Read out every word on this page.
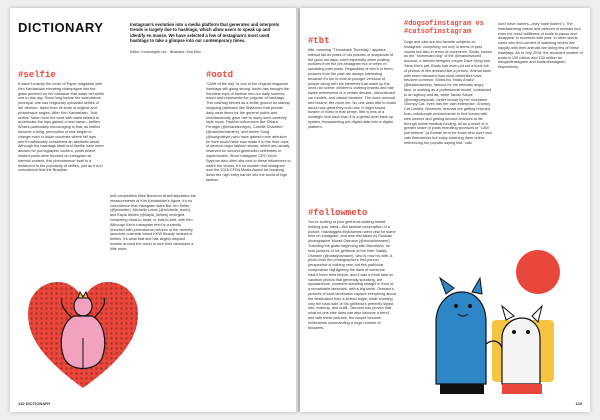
DICTIONARY	Instagram's evolution into a media platform that generates and interprets trends is largely due to hashtags, which allow users to speak up and identify en masse. We have selected a few of Instagram's most used hashtags to take a glimpse into our contemporary times.
Editor: Konsuegrai Lee · Illustrator: Ana Mon
#selfie
It wasn't exactly the cover of Paper magazine with Kim Kardashian elevating champagne into the glass perched on her backside that made her selfie one to this day. Since long before the scandalous portrayal, she has religiously uploaded selfies of her derriere, taken from all sorts of original and picturesque angles. After Kim Kardashian, "butt selfies" taken from the back with waist twisted to accentuate the hips gained a new name—belfies. What's particularly encouraging is that, as belfies become a thing, perception of size began to change even in Asian countries where fall hips aren't traditionally considered an aesthetic asset. Although the hashtags #butt and #belfie have been abused for pornographic content, posts where related posts were blocked on Instagram as harmful content, this phenomenon itself is a testament to the popularity of selfies, just as it is in coincidence that the Brazilian
butt competition Miss Bumbum Brasil stipulates the measurements of Kim Kardashian's figure, it's no coincidence that Instagram stars like Jen Selter (@jenselter), Michelle Lewin (@michelle_lewin), and Kayla Itsines (@kayla_itsines) emerged, competing head-to-head, or butt-to-butt, with Kim. Although Kim's Instagram feed is currently mounted with promotional pictures of her recently launched cosmetic brand KKW Beauty instead of belfies, it's clear that she has largely inspired women around the world to love their backsides a little more.
#ootd
"Outfit of the day" is one of the original magazine hashtags still going strong. #ootd has brought the trendiest topic of fashion into our daily routines, which well represents the purpose of hashtags. This hashtag served as a fertile ground for startup shopping platforms like Stylishme that provide daily wear items for the general public and simultaneously gave rise to many semi-celebrity style icons. Fashion influencers like Chiara Ferragni (@chiaraferragni), Camille Charrière (@camillecharriere), and Aimee Song (@songofstyle) who have gained more attention for their #ootd have now made it to the front rows of several major fashion shows, which are usually reserved for second-generation celebrities or supermodels. Since Instagram CEO Kevin Systrom also often sits next to these influencers to watch the shows, it's no wonder that Instagram won the 2016 CFDA Media Award for breaking down the high entry barrier into the world of high fashion.
132 DICTIONARY
#tbt
#tbt, meaning "Throwback Thursday," appears without fail on posts of old pictures or snapshots of the good old days, used especially when posting pictures from the pre-Instagram era or when re-uploading past posts. Regardless of who's in them, pictures from the past are always interesting because it's fun to look at younger versions of people along with the elements that make up the once-ran scene: children's clothing brands and hair styles reminiscent of a certain decade, discontinued car models, and classic furniture. The more unusual and bizarre, the more fun. No one uses #tbt to boast about how great they look now. It might sound bizarre or ironic in that sense, #tbt is less of a nostalgic look back than it is a global-level back up system, transplanting pre-digital data onto a digital platform.
#dogsofinstagram vs #catsofinstagram
Dogs and cats are two favorite subjects on Instagram, competing not only in terms of post counts but also in terms of commerce. Boots, known as the "homeward dog" of the @manorisworld account, a fashion designer couple Dave Kung and Yana Kim's pet. Boats has even put out a book full of photos of him dressed like a person. Animal stars with more followers than most celebrities have become common. Shiba Inu Yasky Anako (@hashicamida), famous for his eternally angry face, is working as a professional model, contracted to an agency and ad, while Tardar Sauce (@realgrumpycat), better known by her nickname Grumpy Cat, even has her own enterprise, Grumpy Cat Limited. Moreover, animals are getting rescued from unfortunate environments to find homes with new owners and getting second chances at life through online medical funding, all as a result of a greater share of posts recruiting sponsors or "LAW (we believe" (a Korean term for those who don't own cats themselves but enjoy watching them online, referencing the popular saying that "cats
don't have owners—they have butlers"). The heartwarming videos and pictures of animals turn even the most indifferent of souls to pause and disappear in moments with pets. In other words, users who find comfort in watching others live happily with their animals are doing few of these hashtags. As of July 2018, the recorded number of posts is 150 million and 133 million for #dogsofinstagram and #catsofinstagram respectively.
#followmeto
You're looking at your girlfriend walking ahead holding your hand—this familiar composition of a picture, hashtagged #followmeto went viral for some time on Instagram, and was first taken by Russian photographer Murad Osmann (@muradosmann). Traveling the globe beginning with Barcelona, he took pictures of his girlfriend at the time, Nataly Osmann (@natalyosmann), who is now his wife. A photo from the photographer's first-person perspective is nothing new, but this particular composition highlighting the back of someone hadn't been tried before, and it was a fresh take on vacation photos that generally speaking, are spontaneous, someone standing straight in front of a remarkable landmark, with a big smile. Osmann's pictures of local landmarks capture everything about the destination from a limited angle, while showing only the back side of his girlfriend's perfectly styled hair, makeup, and outfit. Osmann has proven that what no one else does can also become a trend, and with these pictures, the couple became millionaires commanding a huge number of followers.
133
